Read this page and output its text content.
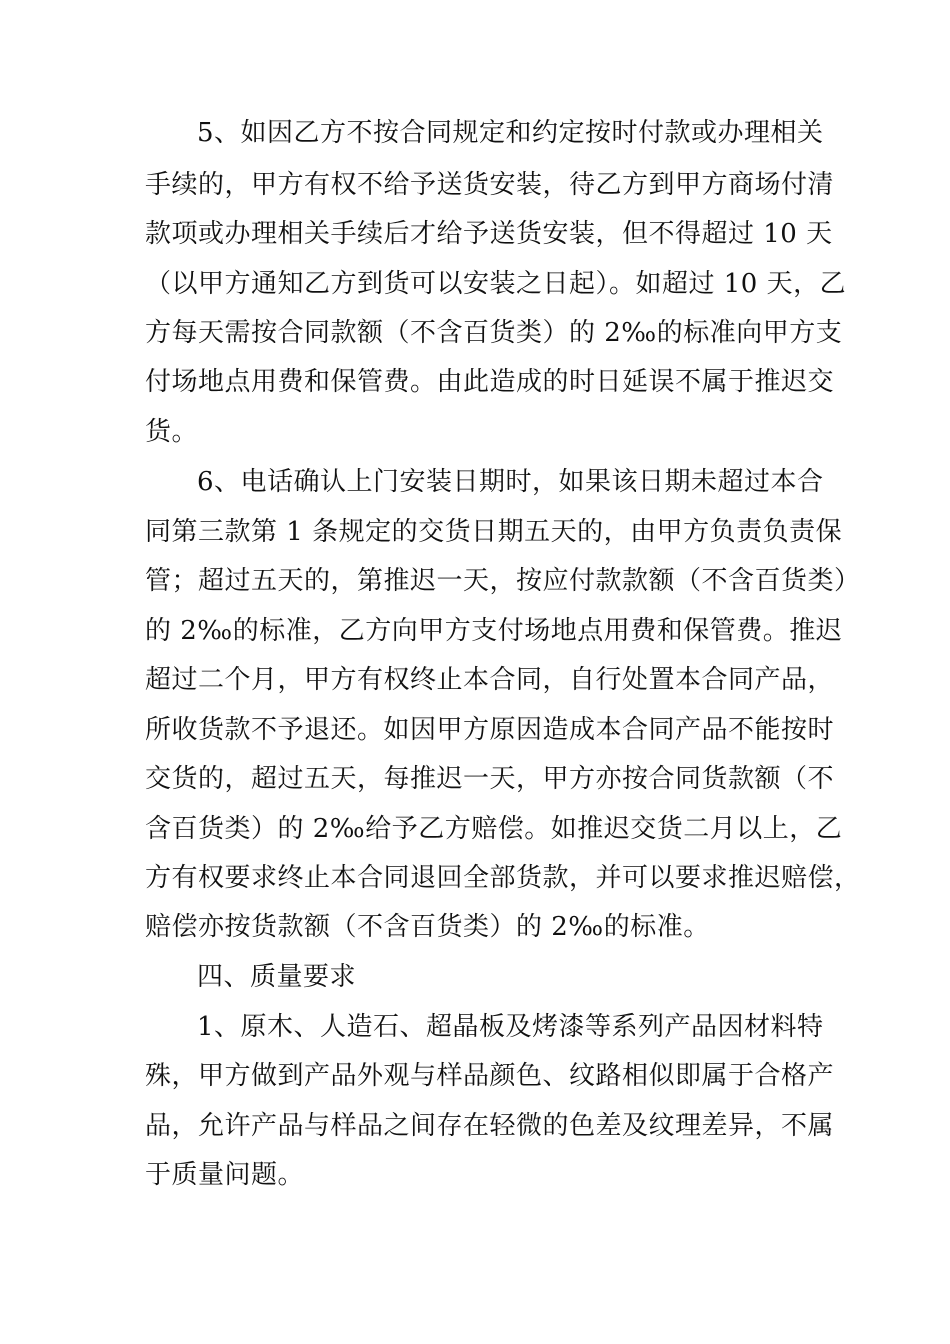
5、如因乙方不按合同规定和约定按时付款或办理相关
手续的，甲方有权不给予送货安装，待乙方到甲方商场付清
款项或办理相关手续后才给予送货安装，但不得超过 10 天
（以甲方通知乙方到货可以安装之日起）。如超过 10 天，乙
方每天需按合同款额（不含百货类）的 2‰的标准向甲方支
付场地点用费和保管费。由此造成的时日延误不属于推迟交
货。
6、电话确认上门安装日期时，如果该日期未超过本合
同第三款第 1 条规定的交货日期五天的，由甲方负责负责保
管；超过五天的，第推迟一天，按应付款款额（不含百货类）
的 2‰的标准，乙方向甲方支付场地点用费和保管费。推迟
超过二个月，甲方有权终止本合同，自行处置本合同产品，
所收货款不予退还。如因甲方原因造成本合同产品不能按时
交货的，超过五天，每推迟一天，甲方亦按合同货款额（不
含百货类）的 2‰给予乙方赔偿。如推迟交货二月以上，乙
方有权要求终止本合同退回全部货款，并可以要求推迟赔偿，
赔偿亦按货款额（不含百货类）的 2‰的标准。
四、质量要求
1、原木、人造石、超晶板及烤漆等系列产品因材料特
殊，甲方做到产品外观与样品颜色、纹路相似即属于合格产
品，允许产品与样品之间存在轻微的色差及纹理差异，不属
于质量问题。
